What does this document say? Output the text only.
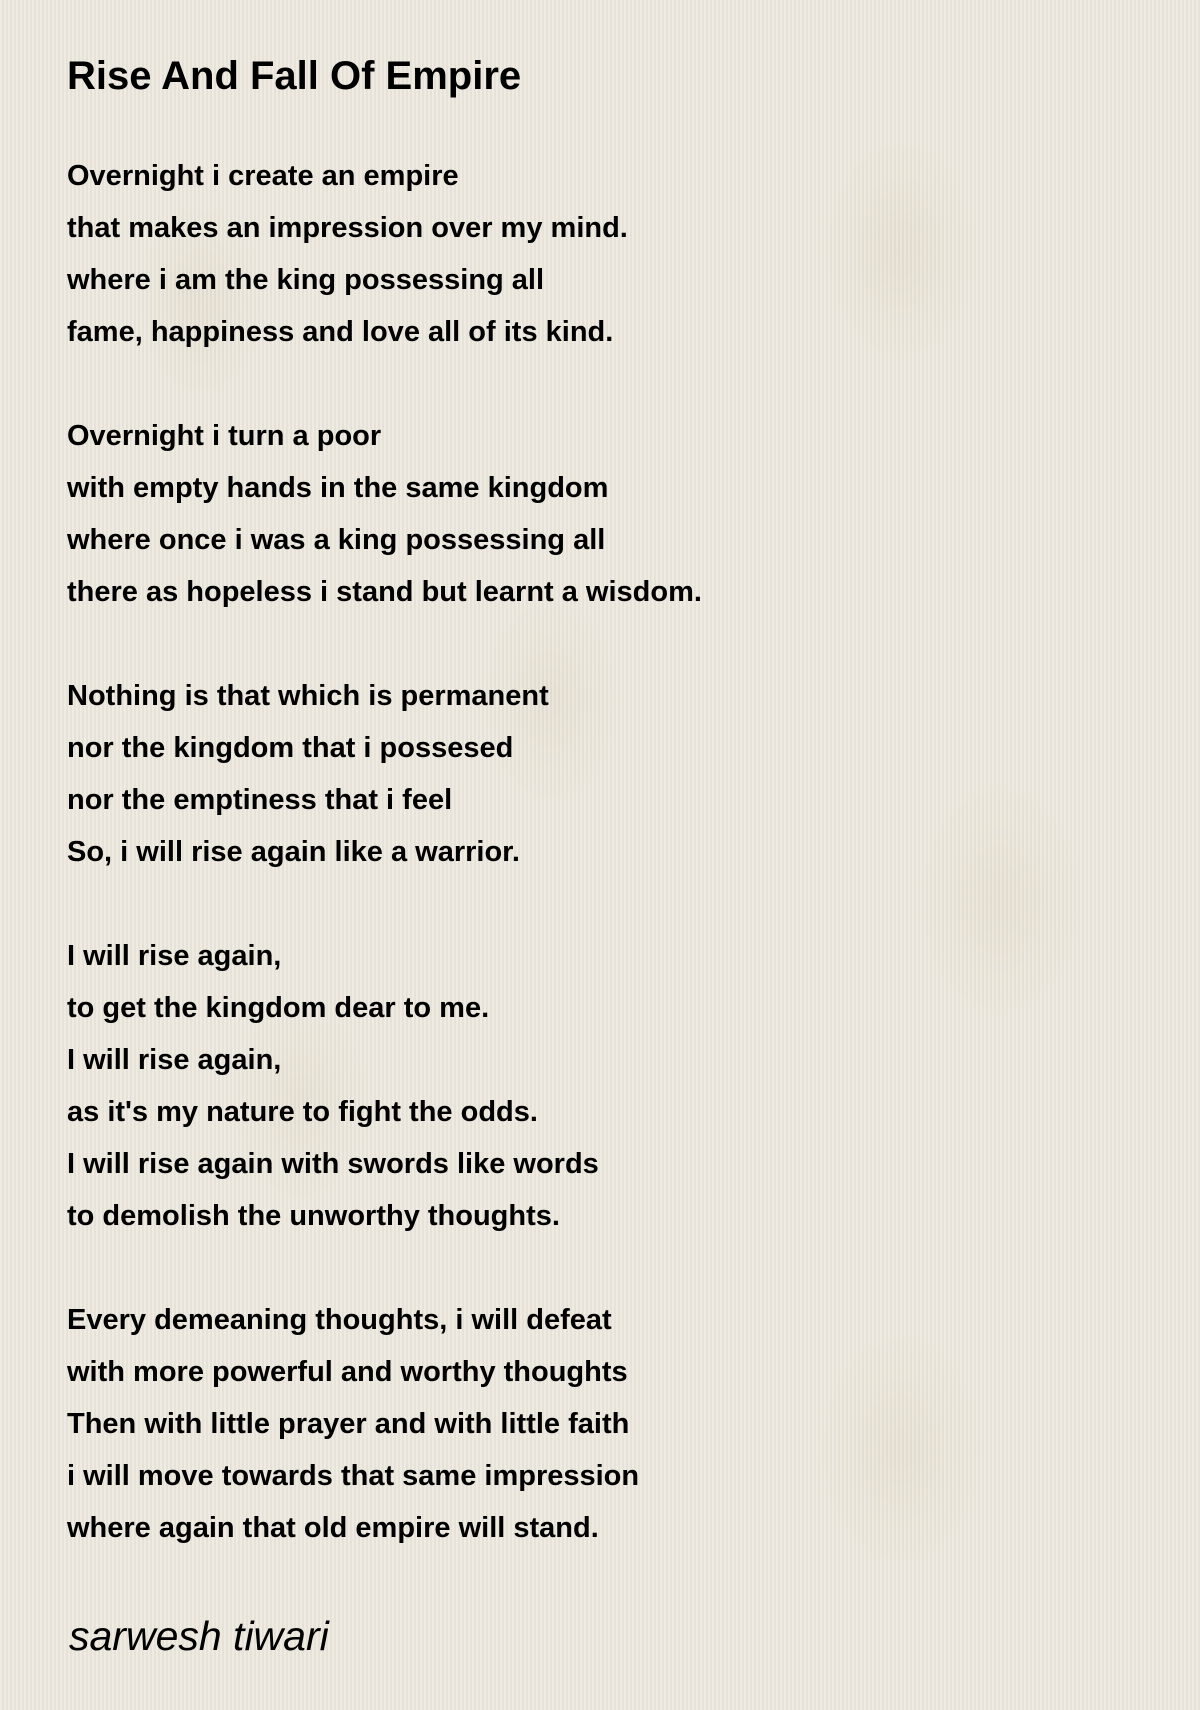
Rise And Fall Of Empire
Overnight i create an empire
that makes an impression over my mind.
where i am the king possessing all
fame, happiness and love all of its kind.
Overnight i turn a poor
with empty hands in the same kingdom
where once i was a king possessing all
there as hopeless i stand but learnt a wisdom.
Nothing is that which is permanent
nor the kingdom that i possesed
nor the emptiness that i feel
So, i will rise again like a warrior.
I will rise again,
to get the kingdom dear to me.
I will rise again,
as it's my nature to fight the odds.
I will rise again with swords like words
to demolish the unworthy thoughts.
Every demeaning thoughts, i will defeat
with more powerful and worthy thoughts
Then with little prayer and with little faith
i will move towards that same impression
where again that old empire will stand.
sarwesh tiwari
